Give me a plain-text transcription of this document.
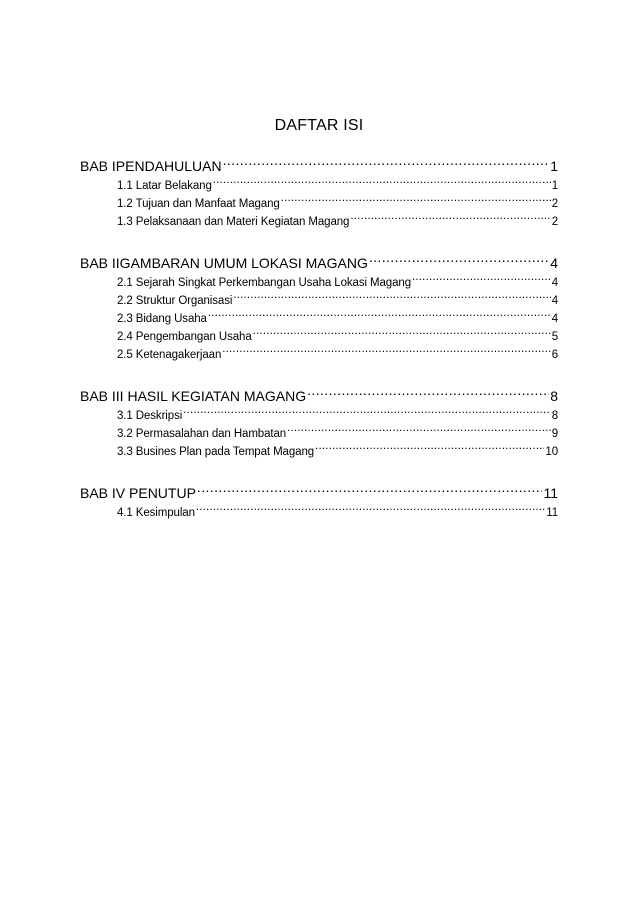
DAFTAR ISI
BAB IPENDAHULUAN .....	1
1.1 Latar Belakang .....	1
1.2 Tujuan dan Manfaat Magang .....	2
1.3 Pelaksanaan dan Materi Kegiatan Magang .....	2
BAB IIGAMBARAN UMUM LOKASI MAGANG .....	4
2.1 Sejarah Singkat Perkembangan Usaha Lokasi Magang .....	4
2.2 Struktur Organisasi .....	4
2.3 Bidang Usaha .....	4
2.4 Pengembangan Usaha .....	5
2.5 Ketenagakerjaan .....	6
BAB III HASIL KEGIATAN MAGANG .....	8
3.1 Deskripsi .....	8
3.2 Permasalahan dan Hambatan .....	9
3.3 Busines Plan pada Tempat Magang .....	10
BAB IV PENUTUP .....	11
4.1 Kesimpulan .....	11
